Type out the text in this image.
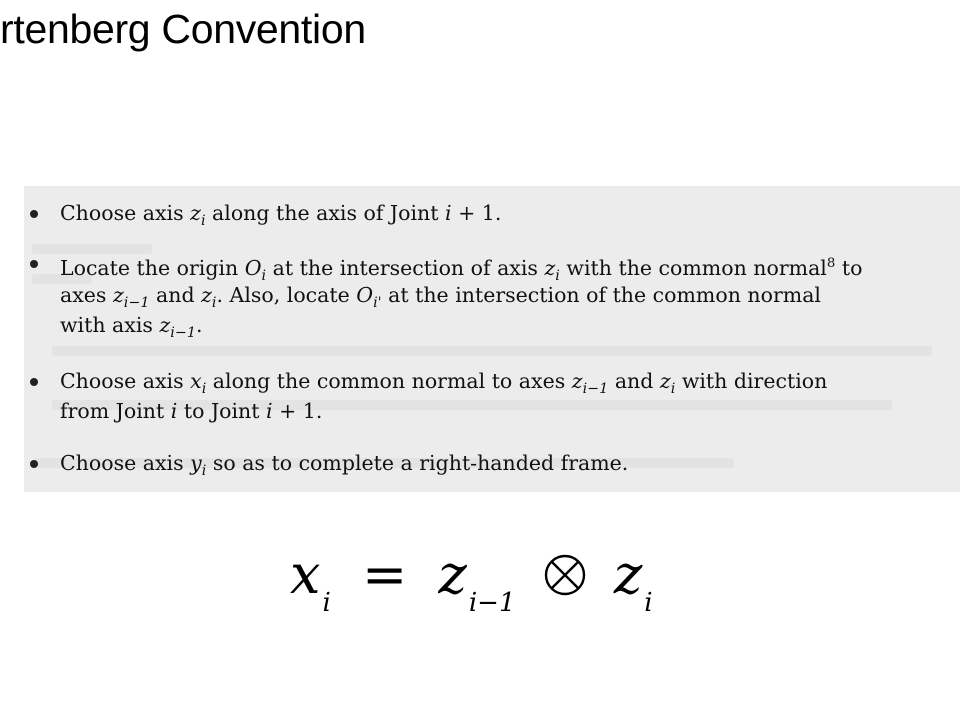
rtenberg Convention

Choose axis $z_i$ along the axis of Joint i + 1.

Locate the origin $O_i$ at the intersection of axis $z_i$ with the common normal$^8$ to

axes $z_{i-1}$ and $z_i$. Also, locate $O_{i'}$ at the intersection of the common normal

with axis $z_{i-1}$.

Choose axis $x_i$ along the common normal to axes $z_{i-1}$ and $z_i$ with direction

from Joint i to Joint i + 1.

Choose axis $y_i$ so as to complete a right-handed frame.

$x_i = z_{i-1}$ $z_i$
